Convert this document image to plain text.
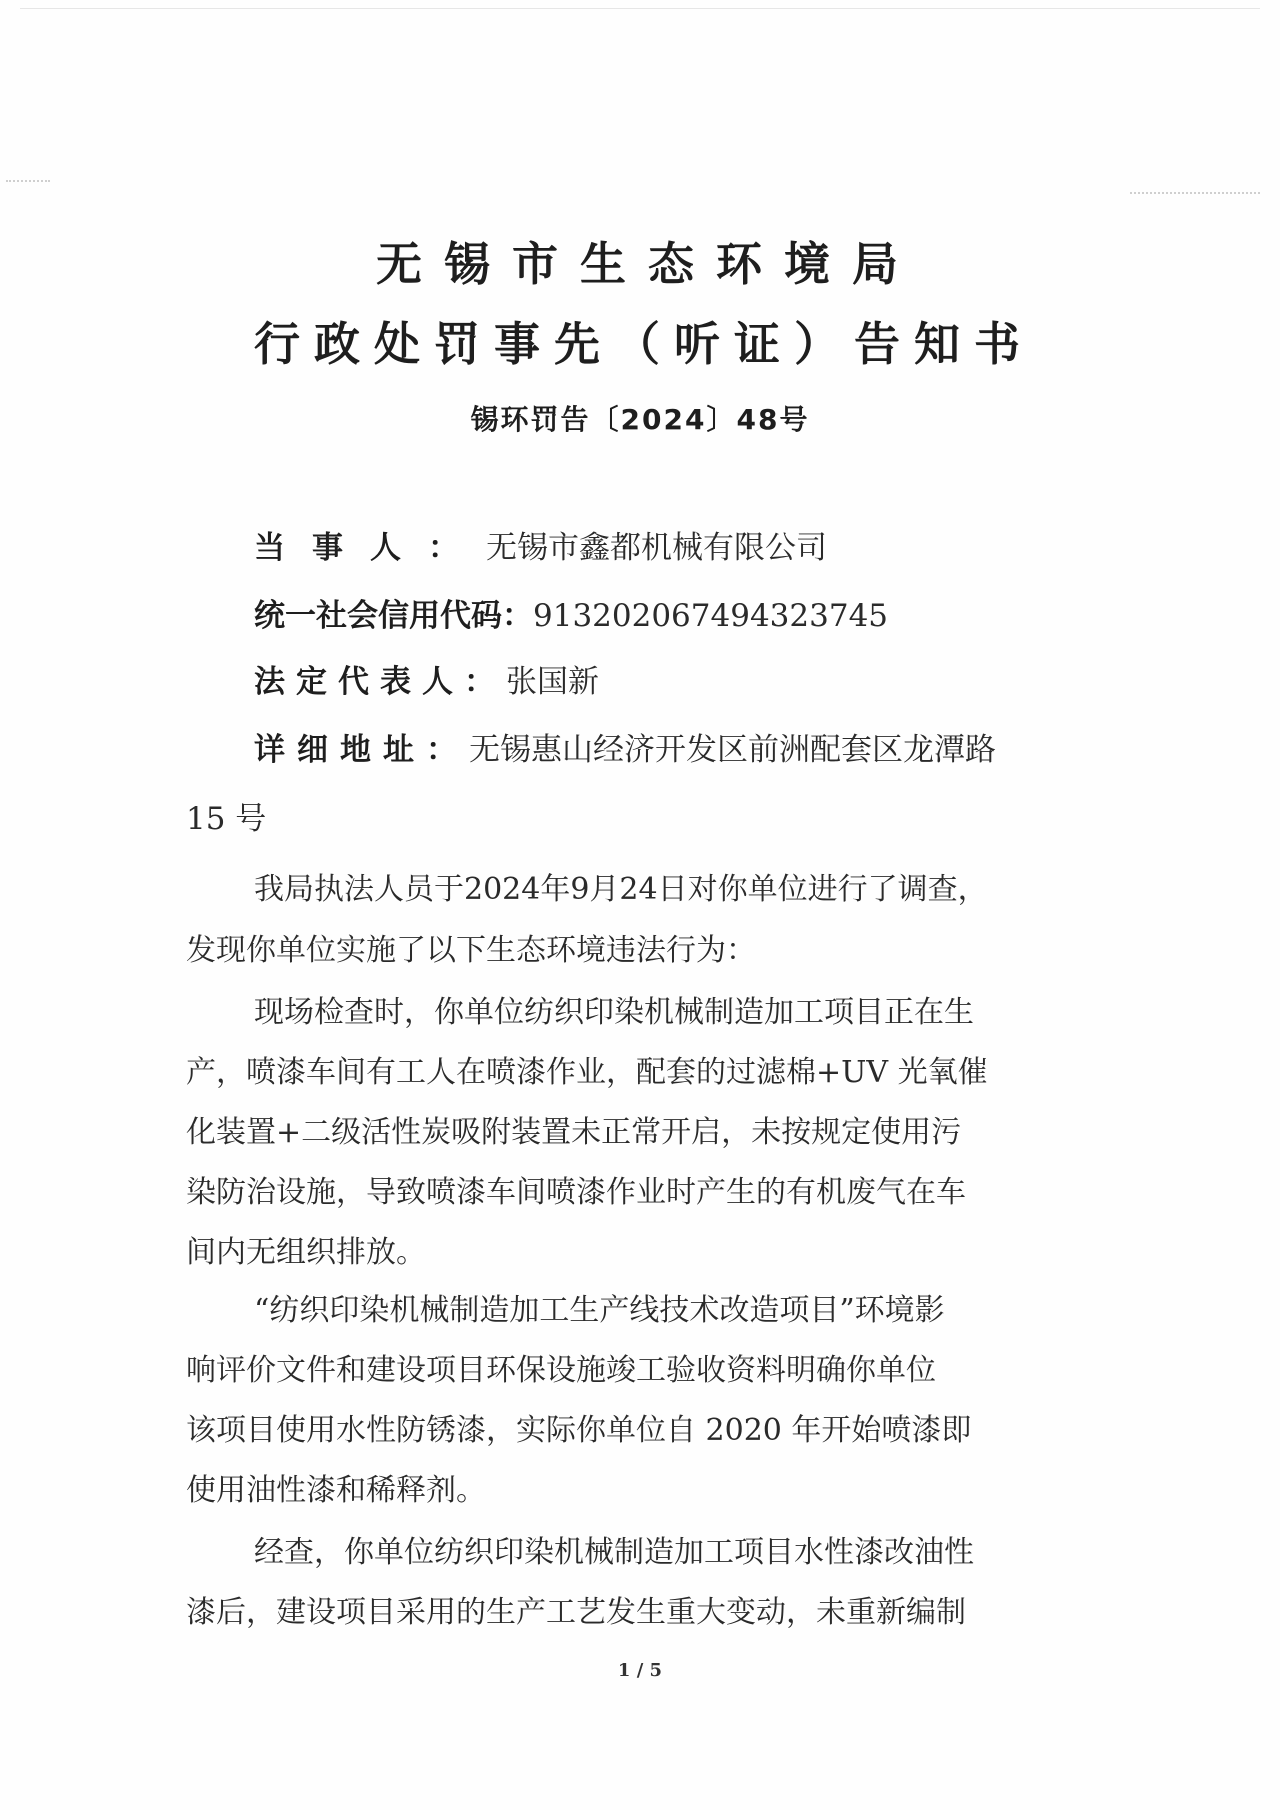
无锡市生态环境局
行政处罚事先（听证）告知书
锡环罚告〔2024〕48号
当事人：无锡市鑫都机械有限公司
统一社会信用代码：913202067494323745
法定代表人：张国新
详细地址：无锡惠山经济开发区前洲配套区龙潭路
15 号
我局执法人员于2024年9月24日对你单位进行了调查，
发现你单位实施了以下生态环境违法行为：
现场检查时，你单位纺织印染机械制造加工项目正在生
产，喷漆车间有工人在喷漆作业，配套的过滤棉+UV 光氧催
化装置+二级活性炭吸附装置未正常开启，未按规定使用污
染防治设施，导致喷漆车间喷漆作业时产生的有机废气在车
间内无组织排放。
“纺织印染机械制造加工生产线技术改造项目”环境影
响评价文件和建设项目环保设施竣工验收资料明确你单位
该项目使用水性防锈漆，实际你单位自 2020 年开始喷漆即
使用油性漆和稀释剂。
经查，你单位纺织印染机械制造加工项目水性漆改油性
漆后，建设项目采用的生产工艺发生重大变动，未重新编制
1 / 5
